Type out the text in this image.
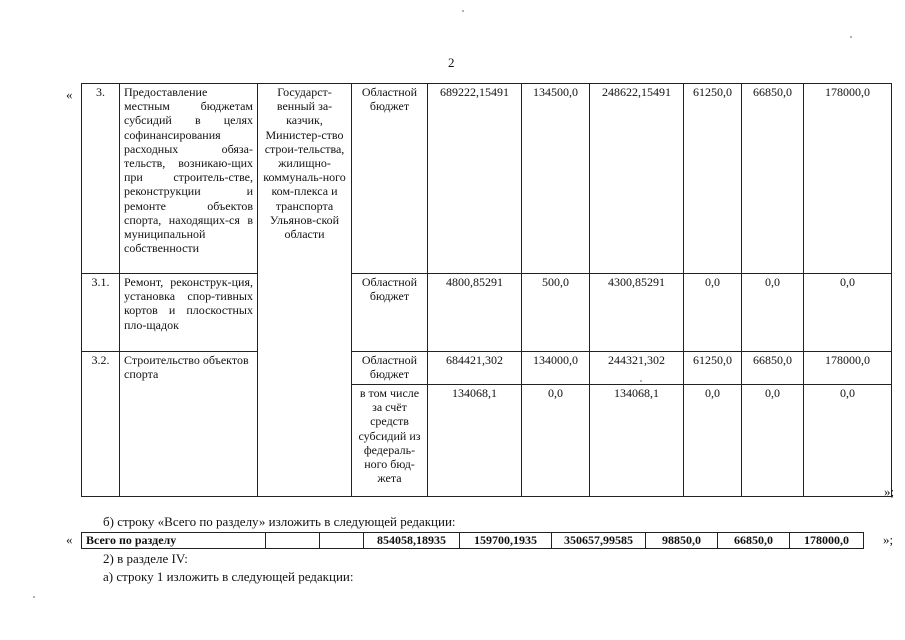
2
« 3.	Предоставление местным бюджетам субсидий в целях софинансирования расходных обяза-тельств, возникаю-щих при строитель-стве, реконструкции и ремонте объектов спорта, находящих-ся в муниципальной собственности	Государст-венный за-казчик, Министер-ство строи-тельства, жилищно-коммуналь-ного ком-плекса и транспорта Ульянов-ской области	Областной бюджет	689222,15491	134500,0	248622,15491	61250,0	66850,0	178000,0
3.1.	Ремонт, реконструк-ция, установка спор-тивных кортов и плоскостных пло-щадок		Областной бюджет	4800,85291	500,0	4300,85291	0,0	0,0	0,0
3.2.	Строительство объектов спорта		Областной бюджет	684421,302	134000,0	244321,302	61250,0	66850,0	178000,0
			в том числе за счёт средств субсидий из федераль-ного бюд-жета	134068,1	0,0	134068,1	0,0	0,0	0,0
»;
б) строку «Всего по разделу» изложить в следующей редакции:
« Всего по разделу			854058,18935	159700,1935	350657,99585	98850,0	66850,0	178000,0	»;
2) в разделе IV:
а) строку 1 изложить в следующей редакции:
